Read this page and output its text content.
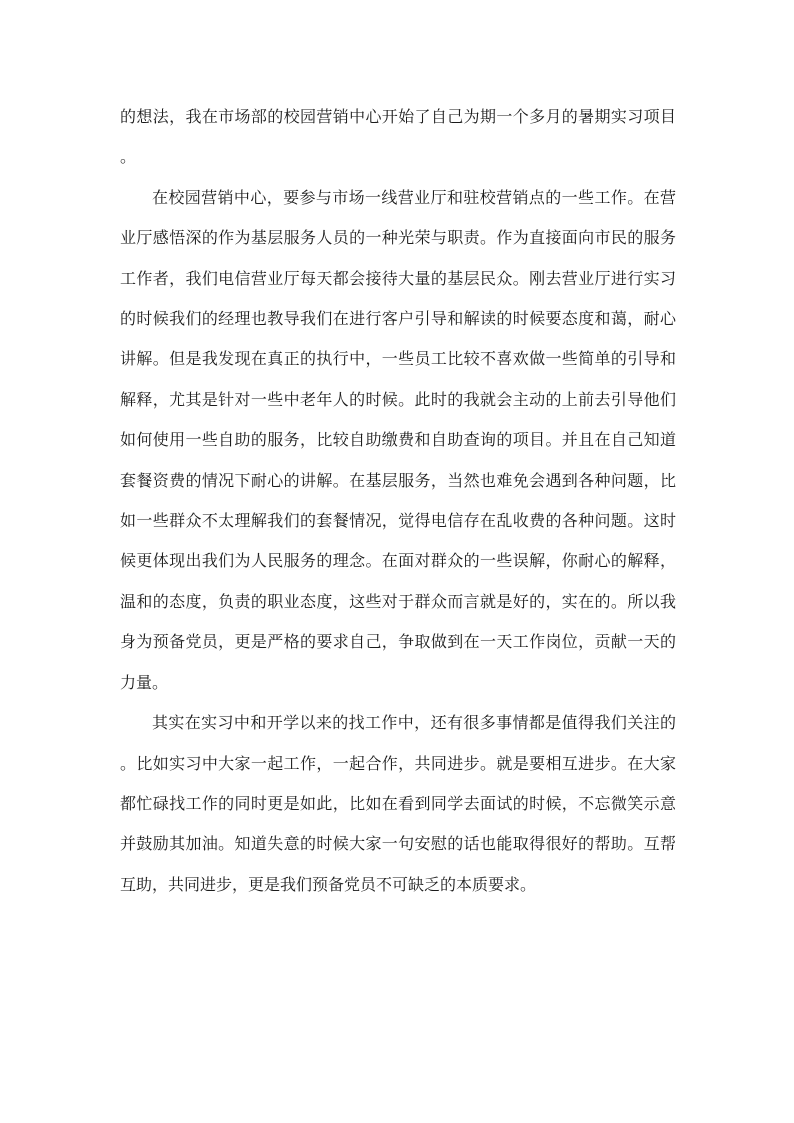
的想法，我在市场部的校园营销中心开始了自己为期一个多月的暑期实习项目。

在校园营销中心，要参与市场一线营业厅和驻校营销点的一些工作。在营业厅感悟深的作为基层服务人员的一种光荣与职责。作为直接面向市民的服务工作者，我们电信营业厅每天都会接待大量的基层民众。刚去营业厅进行实习的时候我们的经理也教导我们在进行客户引导和解读的时候要态度和蔼，耐心讲解。但是我发现在真正的执行中，一些员工比较不喜欢做一些简单的引导和解释，尤其是针对一些中老年人的时候。此时的我就会主动的上前去引导他们如何使用一些自助的服务，比较自助缴费和自助查询的项目。并且在自己知道套餐资费的情况下耐心的讲解。在基层服务，当然也难免会遇到各种问题，比如一些群众不太理解我们的套餐情况，觉得电信存在乱收费的各种问题。这时候更体现出我们为人民服务的理念。在面对群众的一些误解，你耐心的解释，温和的态度，负责的职业态度，这些对于群众而言就是好的，实在的。所以我身为预备党员，更是严格的要求自己，争取做到在一天工作岗位，贡献一天的力量。

其实在实习中和开学以来的找工作中，还有很多事情都是值得我们关注的。比如实习中大家一起工作，一起合作，共同进步。就是要相互进步。在大家都忙碌找工作的同时更是如此，比如在看到同学去面试的时候，不忘微笑示意并鼓励其加油。知道失意的时候大家一句安慰的话也能取得很好的帮助。互帮互助，共同进步，更是我们预备党员不可缺乏的本质要求。
